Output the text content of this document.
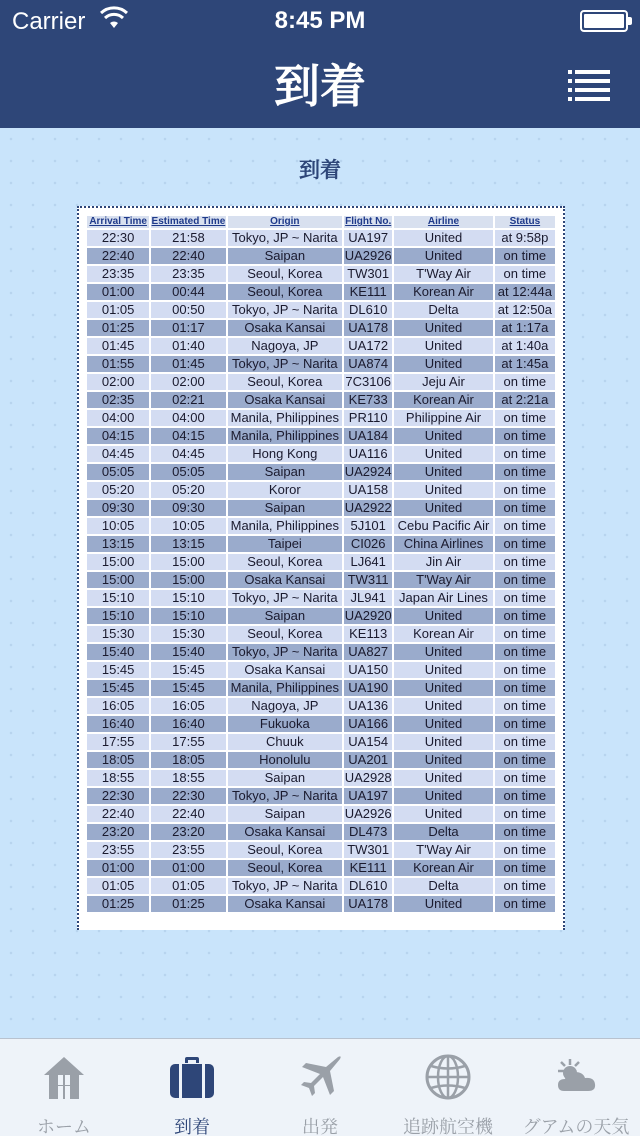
Carrier	8:45 PM
到着
到着
Arrival Time	Estimated Time	Origin	Flight No.	Airline	Status
22:30	21:58	Tokyo, JP ~ Narita	UA197	United	at 9:58p
22:40	22:40	Saipan	UA2926	United	on time
23:35	23:35	Seoul, Korea	TW301	T'Way Air	on time
01:00	00:44	Seoul, Korea	KE111	Korean Air	at 12:44a
01:05	00:50	Tokyo, JP ~ Narita	DL610	Delta	at 12:50a
01:25	01:17	Osaka Kansai	UA178	United	at 1:17a
01:45	01:40	Nagoya, JP	UA172	United	at 1:40a
01:55	01:45	Tokyo, JP ~ Narita	UA874	United	at 1:45a
02:00	02:00	Seoul, Korea	7C3106	Jeju Air	on time
02:35	02:21	Osaka Kansai	KE733	Korean Air	at 2:21a
04:00	04:00	Manila, Philippines	PR110	Philippine Air	on time
04:15	04:15	Manila, Philippines	UA184	United	on time
04:45	04:45	Hong Kong	UA116	United	on time
05:05	05:05	Saipan	UA2924	United	on time
05:20	05:20	Koror	UA158	United	on time
09:30	09:30	Saipan	UA2922	United	on time
10:05	10:05	Manila, Philippines	5J101	Cebu Pacific Air	on time
13:15	13:15	Taipei	CI026	China Airlines	on time
15:00	15:00	Seoul, Korea	LJ641	Jin Air	on time
15:00	15:00	Osaka Kansai	TW311	T'Way Air	on time
15:10	15:10	Tokyo, JP ~ Narita	JL941	Japan Air Lines	on time
15:10	15:10	Saipan	UA2920	United	on time
15:30	15:30	Seoul, Korea	KE113	Korean Air	on time
15:40	15:40	Tokyo, JP ~ Narita	UA827	United	on time
15:45	15:45	Osaka Kansai	UA150	United	on time
15:45	15:45	Manila, Philippines	UA190	United	on time
16:05	16:05	Nagoya, JP	UA136	United	on time
16:40	16:40	Fukuoka	UA166	United	on time
17:55	17:55	Chuuk	UA154	United	on time
18:05	18:05	Honolulu	UA201	United	on time
18:55	18:55	Saipan	UA2928	United	on time
22:30	22:30	Tokyo, JP ~ Narita	UA197	United	on time
22:40	22:40	Saipan	UA2926	United	on time
23:20	23:20	Osaka Kansai	DL473	Delta	on time
23:55	23:55	Seoul, Korea	TW301	T'Way Air	on time
01:00	01:00	Seoul, Korea	KE111	Korean Air	on time
01:05	01:05	Tokyo, JP ~ Narita	DL610	Delta	on time
01:25	01:25	Osaka Kansai	UA178	United	on time
ホーム	到着	出発	追跡航空機	グアムの天気
